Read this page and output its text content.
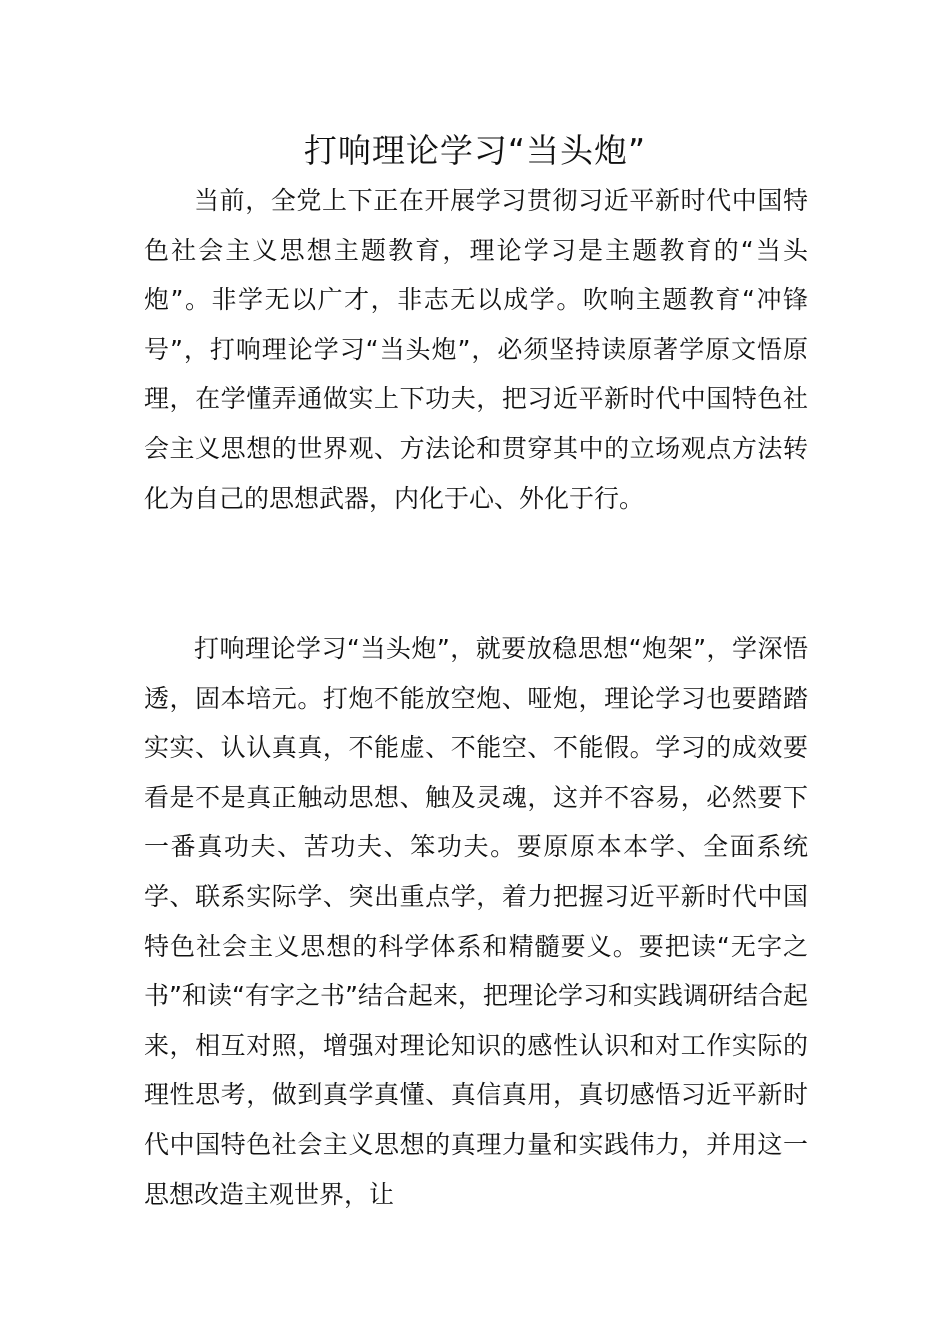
打响理论学习“当头炮”

当前，全党上下正在开展学习贯彻习近平新时代中国特色社会主义思想主题教育，理论学习是主题教育的“当头炮”。非学无以广才，非志无以成学。吹响主题教育“冲锋号”，打响理论学习“当头炮”，必须坚持读原著学原文悟原理，在学懂弄通做实上下功夫，把习近平新时代中国特色社会主义思想的世界观、方法论和贯穿其中的立场观点方法转化为自己的思想武器，内化于心、外化于行。

打响理论学习“当头炮”，就要放稳思想“炮架”，学深悟透，固本培元。打炮不能放空炮、哑炮，理论学习也要踏踏实实、认认真真，不能虚、不能空、不能假。学习的成效要看是不是真正触动思想、触及灵魂，这并不容易，必然要下一番真功夫、苦功夫、笨功夫。要原原本本学、全面系统学、联系实际学、突出重点学，着力把握习近平新时代中国特色社会主义思想的科学体系和精髓要义。要把读“无字之书”和读“有字之书”结合起来，把理论学习和实践调研结合起来，相互对照，增强对理论知识的感性认识和对工作实际的理性思考，做到真学真懂、真信真用，真切感悟习近平新时代中国特色社会主义思想的真理力量和实践伟力，并用这一思想改造主观世界，让
